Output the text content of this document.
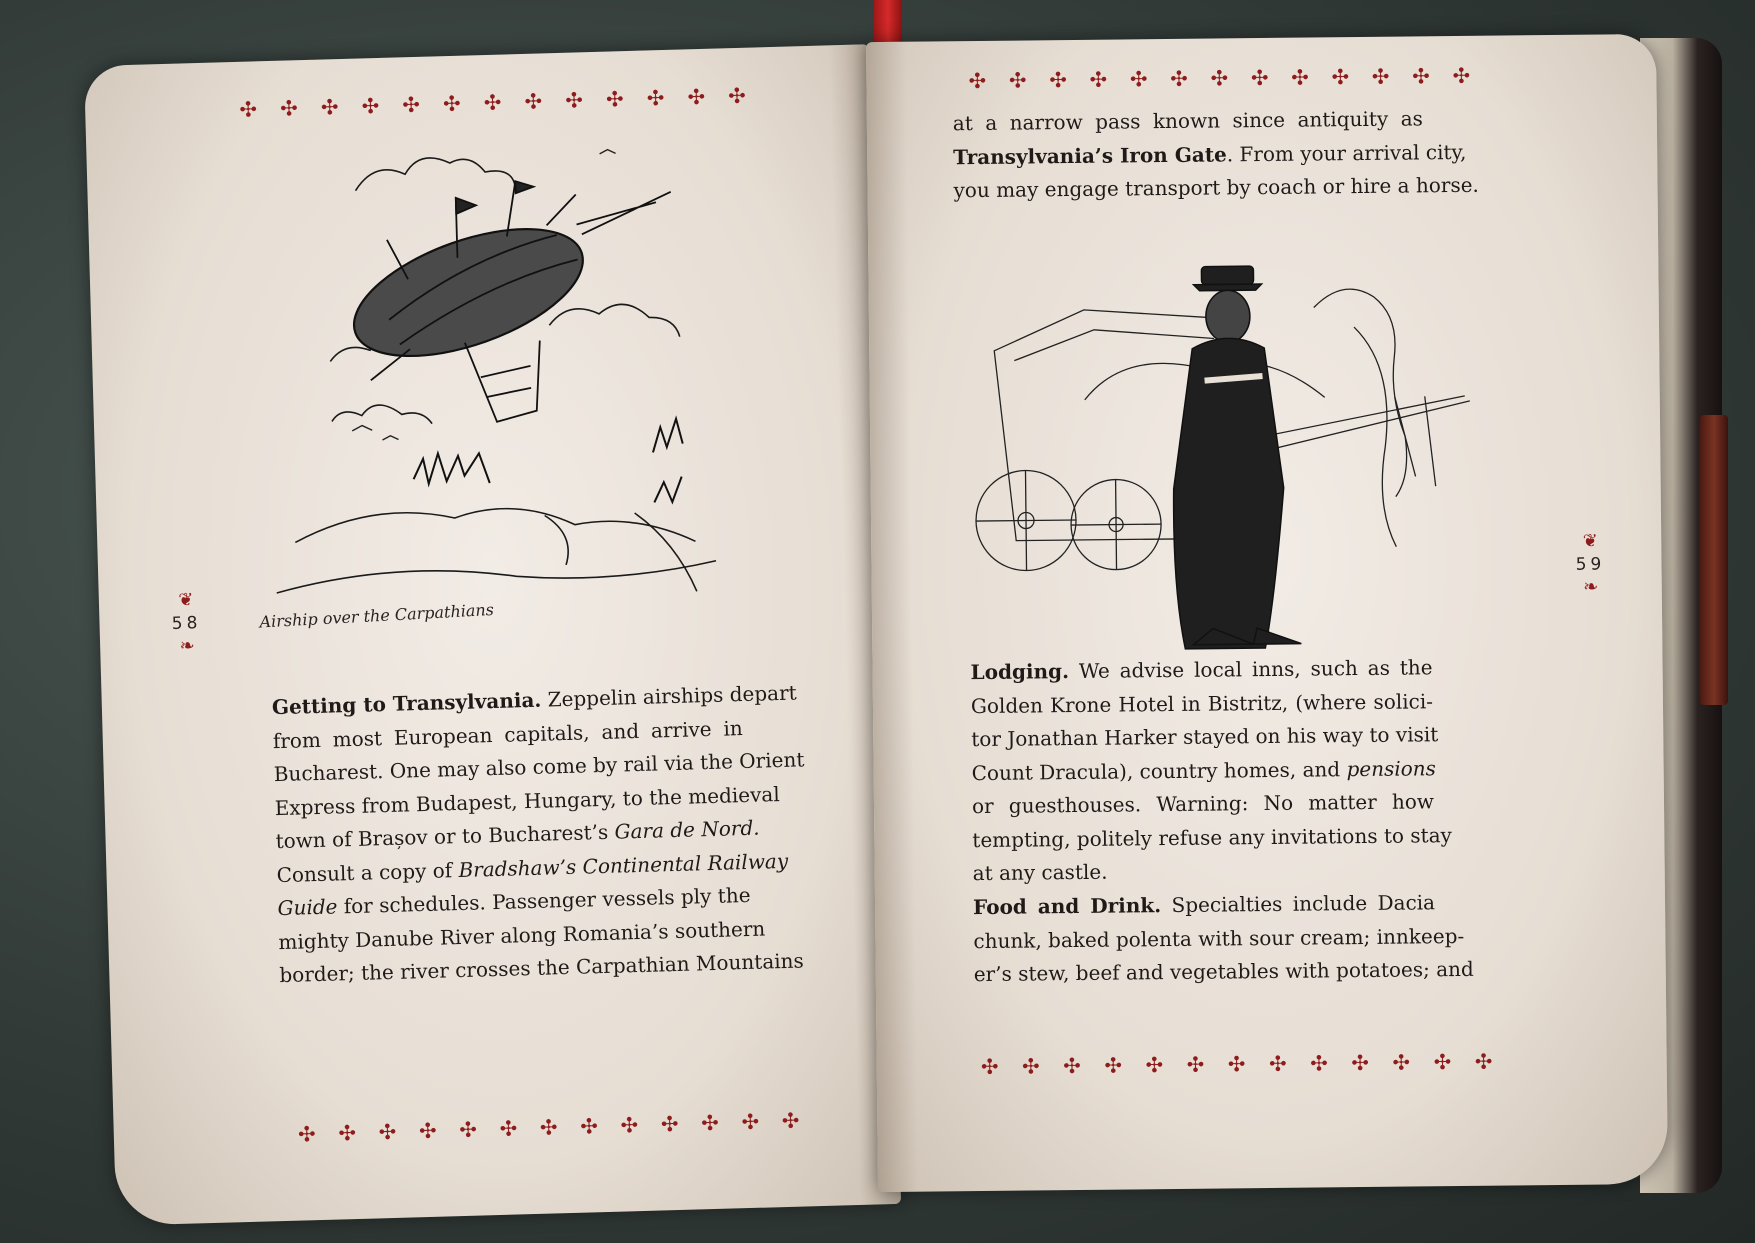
✣ ✣ ✣ ✣ ✣ ✣ ✣ ✣ ✣ ✣ ✣ ✣ ✣
Airship over the Carpathians
❦
58
❧
Getting to Transylvania. Zeppelin airships depart
from most European capitals, and arrive in
Bucharest. One may also come by rail via the Orient
Express from Budapest, Hungary, to the medieval
town of Brașov or to Bucharest’s Gara de Nord.
Consult a copy of Bradshaw’s Continental Railway
Guide for schedules. Passenger vessels ply the
mighty Danube River along Romania’s southern
border; the river crosses the Carpathian Mountains
✣ ✣ ✣ ✣ ✣ ✣ ✣ ✣ ✣ ✣ ✣ ✣ ✣
✣ ✣ ✣ ✣ ✣ ✣ ✣ ✣ ✣ ✣ ✣ ✣ ✣
at a narrow pass known since antiquity as
Transylvania’s Iron Gate. From your arrival city,
you may engage transport by coach or hire a horse.
❦
59
❧
Lodging. We advise local inns, such as the
Golden Krone Hotel in Bistritz, (where solici-
tor Jonathan Harker stayed on his way to visit
Count Dracula), country homes, and pensions
or guesthouses. Warning: No matter how
tempting, politely refuse any invitations to stay
at any castle.
Food and Drink. Specialties include Dacia
chunk, baked polenta with sour cream; innkeep-
er’s stew, beef and vegetables with potatoes; and
✣ ✣ ✣ ✣ ✣ ✣ ✣ ✣ ✣ ✣ ✣ ✣ ✣
